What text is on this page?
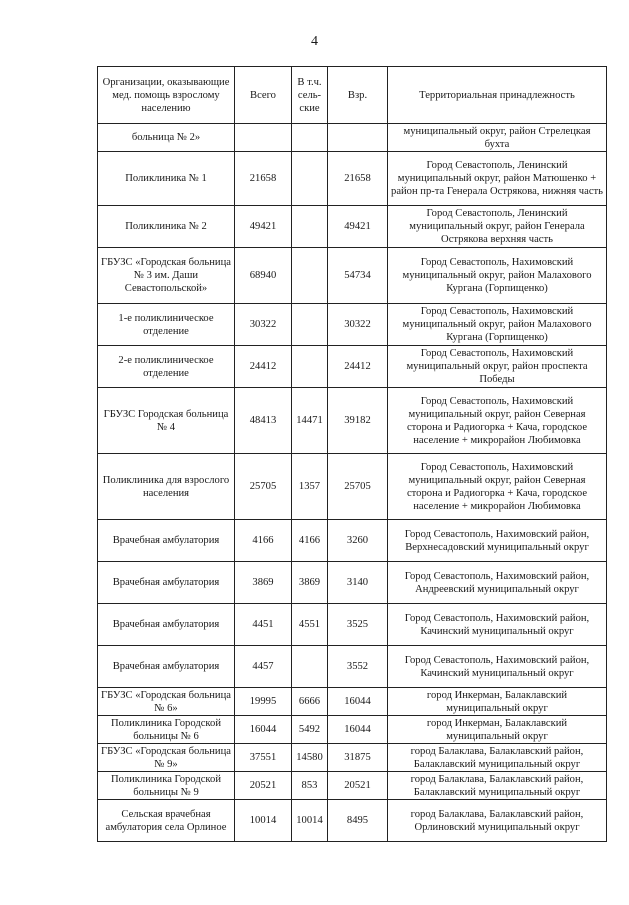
4
Организации, оказывающие мед. помощь взрослому населению	Всего	В т.ч. сель-ские	Взр.	Территориальная принадлежность
больница № 2»				муниципальный округ, район Стрелецкая бухта
Поликлиника № 1	21658		21658	Город Севастополь, Ленинский муниципальный округ, район Матюшенко + район пр-та Генерала Острякова, нижняя часть
Поликлиника № 2	49421		49421	Город Севастополь, Ленинский муниципальный округ, район Генерала Острякова верхняя часть
ГБУЗС «Городская больница № 3 им. Даши Севастопольской»	68940		54734	Город Севастополь, Нахимовский муниципальный округ, район Малахового Кургана (Горпищенко)
1-е поликлиническое отделение	30322		30322	Город Севастополь, Нахимовский муниципальный округ, район Малахового Кургана (Горпищенко)
2-е поликлиническое отделение	24412		24412	Город Севастополь, Нахимовский муниципальный округ, район проспекта Победы
ГБУЗС Городская больница № 4	48413	14471	39182	Город Севастополь, Нахимовский муниципальный округ, район Северная сторона и Радиогорка + Кача, городское население + микрорайон Любимовка
Поликлиника для взрослого населения	25705	1357	25705	Город Севастополь, Нахимовский муниципальный округ, район Северная сторона и Радиогорка + Кача, городское население + микрорайон Любимовка
Врачебная амбулатория	4166	4166	3260	Город Севастополь, Нахимовский район, Верхнесадовский муниципальный округ
Врачебная амбулатория	3869	3869	3140	Город Севастополь, Нахимовский район, Андреевский муниципальный округ
Врачебная амбулатория	4451	4551	3525	Город Севастополь, Нахимовский район, Качинский муниципальный округ
Врачебная амбулатория	4457		3552	Город Севастополь, Нахимовский район, Качинский муниципальный округ
ГБУЗС «Городская больница № 6»	19995	6666	16044	город Инкерман, Балаклавский муниципальный округ
Поликлиника Городской больницы № 6	16044	5492	16044	город Инкерман, Балаклавский муниципальный округ
ГБУЗС «Городская больница № 9»	37551	14580	31875	город Балаклава, Балаклавский район, Балаклавский муниципальный округ
Поликлиника Городской больницы № 9	20521	853	20521	город Балаклава, Балаклавский район, Балаклавский муниципальный округ
Сельская врачебная амбулатория села Орлиное	10014	10014	8495	город Балаклава, Балаклавский район, Орлиновский муниципальный округ
